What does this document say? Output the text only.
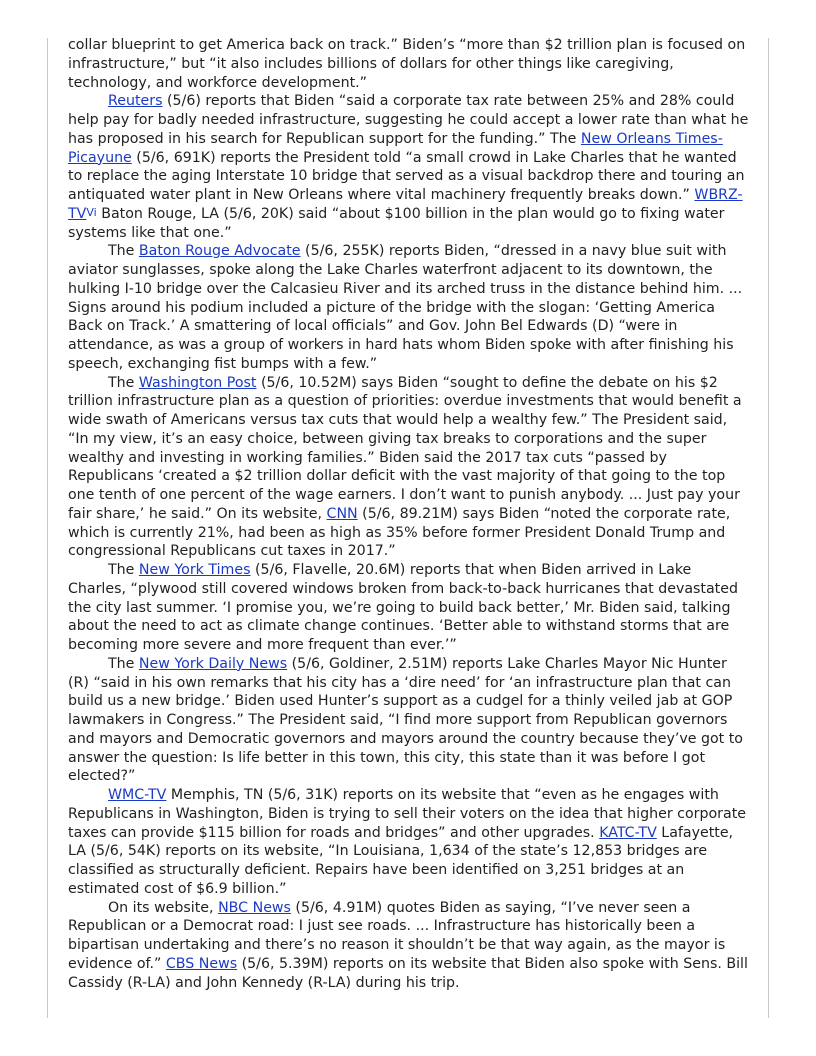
collar blueprint to get America back on track.” Biden’s “more than $2 trillion plan is focused on infrastructure,” but “it also includes billions of dollars for other things like caregiving, technology, and workforce development.”

Reuters (5/6) reports that Biden “said a corporate tax rate between 25% and 28% could help pay for badly needed infrastructure, suggesting he could accept a lower rate than what he has proposed in his search for Republican support for the funding.” The New Orleans Times-Picayune (5/6, 691K) reports the President told “a small crowd in Lake Charles that he wanted to replace the aging Interstate 10 bridge that served as a visual backdrop there and touring an antiquated water plant in New Orleans where vital machinery frequently breaks down.” WBRZ-$TV^{Vi}$ Baton Rouge, LA (5/6, 20K) said “about $100 billion in the plan would go to fixing water systems like that one.”

The Baton Rouge Advocate (5/6, 255K) reports Biden, “dressed in a navy blue suit with aviator sunglasses, spoke along the Lake Charles waterfront adjacent to its downtown, the hulking I-10 bridge over the Calcasieu River and its arched truss in the distance behind him. ... Signs around his podium included a picture of the bridge with the slogan: ‘Getting America Back on Track.’ A smattering of local officials” and Gov. John Bel Edwards (D) “were in attendance, as was a group of workers in hard hats whom Biden spoke with after finishing his speech, exchanging fist bumps with a few.”

The Washington Post (5/6, 10.52M) says Biden “sought to define the debate on his $2 trillion infrastructure plan as a question of priorities: overdue investments that would benefit a wide swath of Americans versus tax cuts that would help a wealthy few.” The President said, “In my view, it’s an easy choice, between giving tax breaks to corporations and the super wealthy and investing in working families.” Biden said the 2017 tax cuts “passed by Republicans ‘created a $2 trillion dollar deficit with the vast majority of that going to the top one tenth of one percent of the wage earners. I don’t want to punish anybody. ... Just pay your fair share,’ he said.” On its website, CNN (5/6, 89.21M) says Biden “noted the corporate rate, which is currently 21%, had been as high as 35% before former President Donald Trump and congressional Republicans cut taxes in 2017.”

The New York Times (5/6, Flavelle, 20.6M) reports that when Biden arrived in Lake Charles, “plywood still covered windows broken from back-to-back hurricanes that devastated the city last summer. ‘I promise you, we’re going to build back better,’ Mr. Biden said, talking about the need to act as climate change continues. ‘Better able to withstand storms that are becoming more severe and more frequent than ever.’”

The New York Daily News (5/6, Goldiner, 2.51M) reports Lake Charles Mayor Nic Hunter (R) “said in his own remarks that his city has a ‘dire need’ for ‘an infrastructure plan that can build us a new bridge.’ Biden used Hunter’s support as a cudgel for a thinly veiled jab at GOP lawmakers in Congress.” The President said, “I find more support from Republican governors and mayors and Democratic governors and mayors around the country because they’ve got to answer the question: Is life better in this town, this city, this state than it was before I got elected?”

WMC-TV Memphis, TN (5/6, 31K) reports on its website that “even as he engages with Republicans in Washington, Biden is trying to sell their voters on the idea that higher corporate taxes can provide $115 billion for roads and bridges” and other upgrades. KATC-TV Lafayette, LA (5/6, 54K) reports on its website, “In Louisiana, 1,634 of the state’s 12,853 bridges are classified as structurally deficient. Repairs have been identified on 3,251 bridges at an estimated cost of $6.9 billion.”

On its website, NBC News (5/6, 4.91M) quotes Biden as saying, “I’ve never seen a Republican or a Democrat road: I just see roads. ... Infrastructure has historically been a bipartisan undertaking and there’s no reason it shouldn’t be that way again, as the mayor is evidence of.” CBS News (5/6, 5.39M) reports on its website that Biden also spoke with Sens. Bill Cassidy (R-LA) and John Kennedy (R-LA) during his trip.
